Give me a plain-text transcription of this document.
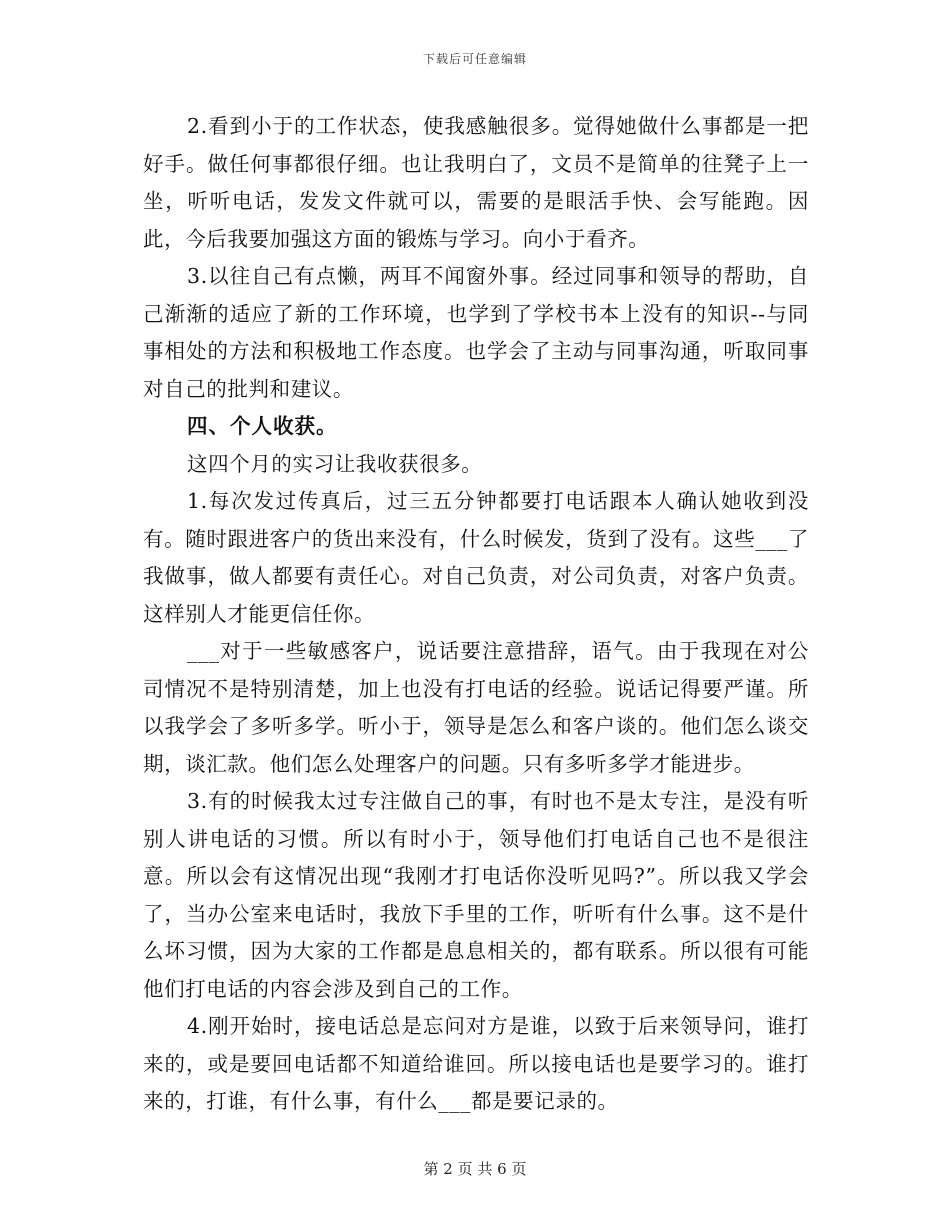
下载后可任意编辑

2.看到小于的工作状态，使我感触很多。觉得她做什么事都是一把好手。做任何事都很仔细。也让我明白了，文员不是简单的往凳子上一坐，听听电话，发发文件就可以，需要的是眼活手快、会写能跑。因此，今后我要加强这方面的锻炼与学习。向小于看齐。

3.以往自己有点懒，两耳不闻窗外事。经过同事和领导的帮助，自己渐渐的适应了新的工作环境，也学到了学校书本上没有的知识--与同事相处的方法和积极地工作态度。也学会了主动与同事沟通，听取同事对自己的批判和建议。

四、个人收获。

这四个月的实习让我收获很多。

1.每次发过传真后，过三五分钟都要打电话跟本人确认她收到没有。随时跟进客户的货出来没有，什么时候发，货到了没有。这些___了我做事，做人都要有责任心。对自己负责，对公司负责，对客户负责。这样别人才能更信任你。

___对于一些敏感客户，说话要注意措辞，语气。由于我现在对公司情况不是特别清楚，加上也没有打电话的经验。说话记得要严谨。所以我学会了多听多学。听小于，领导是怎么和客户谈的。他们怎么谈交期，谈汇款。他们怎么处理客户的问题。只有多听多学才能进步。

3.有的时候我太过专注做自己的事，有时也不是太专注，是没有听别人讲电话的习惯。所以有时小于，领导他们打电话自己也不是很注意。所以会有这情况出现“我刚才打电话你没听见吗?”。所以我又学会了，当办公室来电话时，我放下手里的工作，听听有什么事。这不是什么坏习惯，因为大家的工作都是息息相关的，都有联系。所以很有可能他们打电话的内容会涉及到自己的工作。

4.刚开始时，接电话总是忘问对方是谁，以致于后来领导问，谁打来的，或是要回电话都不知道给谁回。所以接电话也是要学习的。谁打来的，打谁，有什么事，有什么___都是要记录的。

第 2 页 共 6 页
